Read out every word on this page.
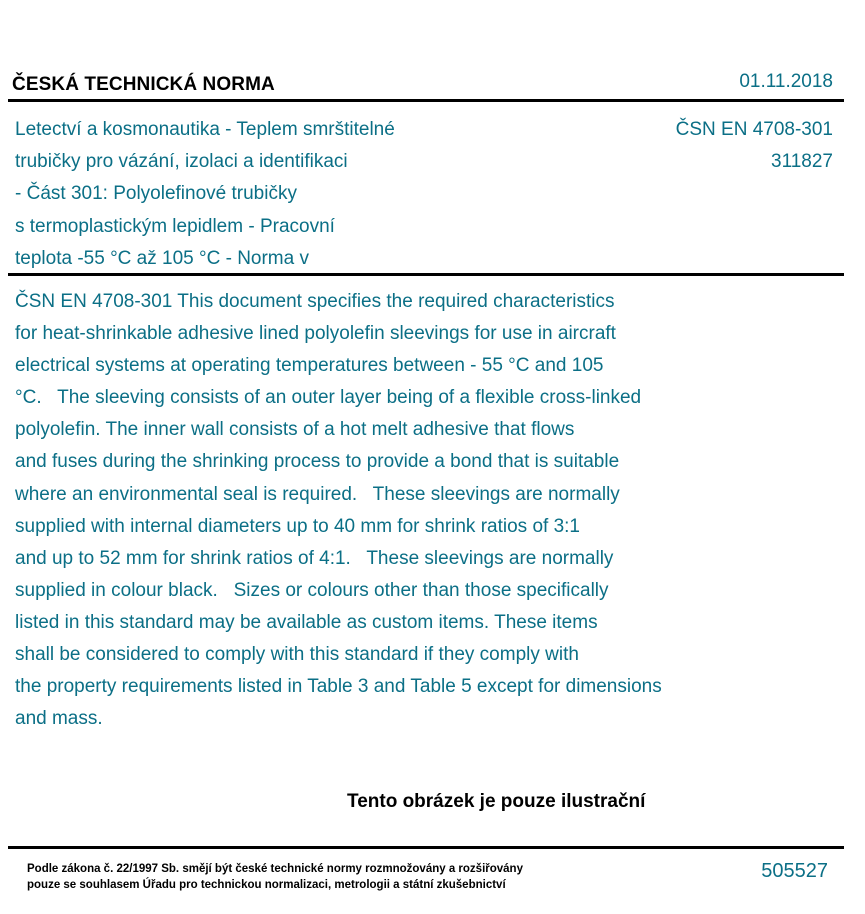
ČESKÁ TECHNICKÁ NORMA	01.11.2018
Letectví a kosmonautika - Teplem smrštitelné
trubičky pro vázání, izolaci a identifikaci
- Část 301: Polyolefinové trubičky
s termoplastickým lepidlem - Pracovní
teplota -55 °C až 105 °C - Norma v
ČSN EN 4708-301
311827
ČSN EN 4708-301 This document specifies the required characteristics
for heat-shrinkable adhesive lined polyolefin sleevings for use in aircraft
electrical systems at operating temperatures between - 55 °C and 105
°C.   The sleeving consists of an outer layer being of a flexible cross-linked
polyolefin. The inner wall consists of a hot melt adhesive that flows
and fuses during the shrinking process to provide a bond that is suitable
where an environmental seal is required.   These sleevings are normally
supplied with internal diameters up to 40 mm for shrink ratios of 3:1
and up to 52 mm for shrink ratios of 4:1.   These sleevings are normally
supplied in colour black.   Sizes or colours other than those specifically
listed in this standard may be available as custom items. These items
shall be considered to comply with this standard if they comply with
the property requirements listed in Table 3 and Table 5 except for dimensions
and mass.
Tento obrázek je pouze ilustrační
Podle zákona č. 22/1997 Sb. smějí být české technické normy rozmnožovány a rozšiřovány
pouze se souhlasem Úřadu pro technickou normalizaci, metrologii a státní zkušebnictví
505527
